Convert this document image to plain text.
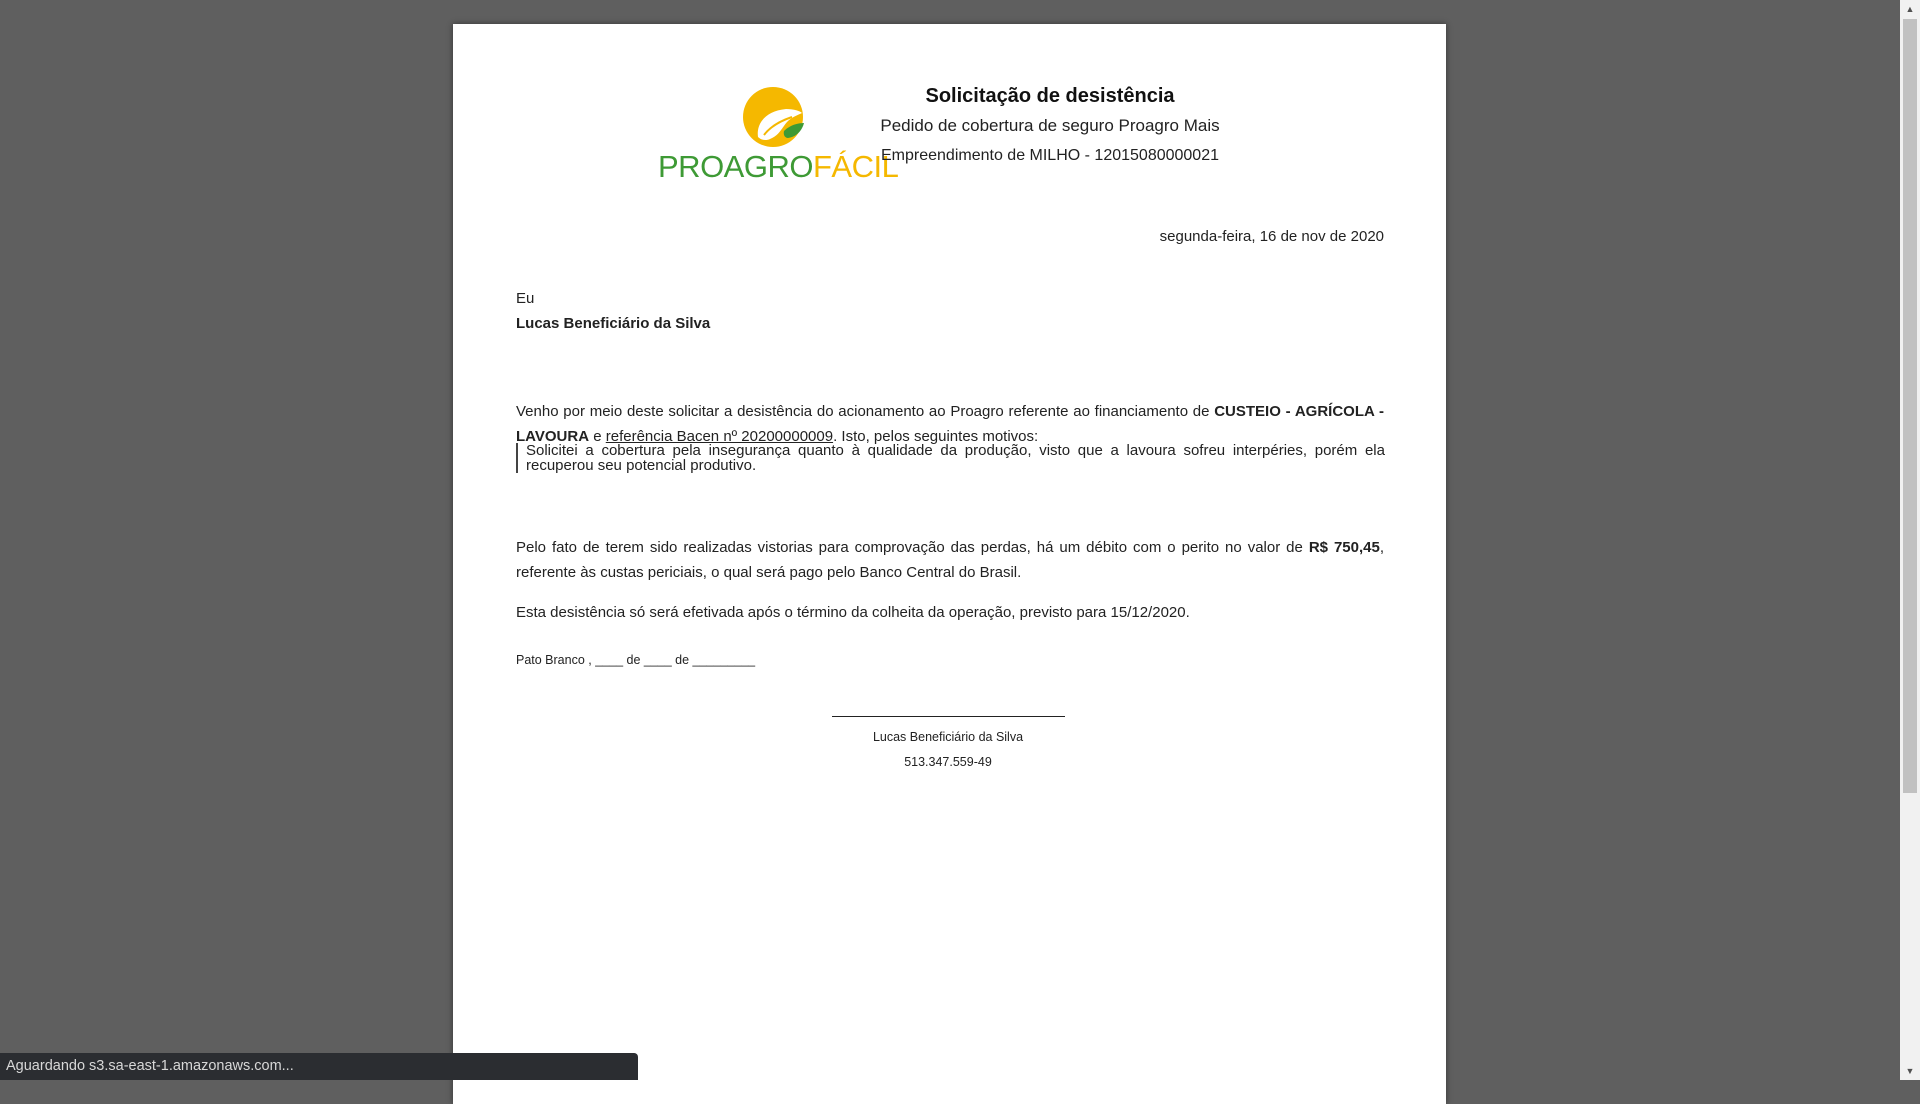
PROAGROFÁCIL
Solicitação de desistência
Pedido de cobertura de seguro Proagro Mais
Empreendimento de MILHO - 12015080000021
segunda-feira, 16 de nov de 2020
Eu
Lucas Beneficiário da Silva
Venho por meio deste solicitar a desistência do acionamento ao Proagro referente ao financiamento de CUSTEIO - AGRÍCOLA - LAVOURA e referência Bacen nº 20200000009. Isto, pelos seguintes motivos:
Solicitei a cobertura pela insegurança quanto à qualidade da produção, visto que a lavoura sofreu interpéries, porém ela recuperou seu potencial produtivo.
Pelo fato de terem sido realizadas vistorias para comprovação das perdas, há um débito com o perito no valor de R$ 750,45, referente às custas periciais, o qual será pago pelo Banco Central do Brasil.
Esta desistência só será efetivada após o término da colheita da operação, previsto para 15/12/2020.
Pato Branco , ____ de ____ de _________
Lucas Beneficiário da Silva
513.347.559-49
▲
▼
Aguardando s3.sa-east-1.amazonaws.com...
